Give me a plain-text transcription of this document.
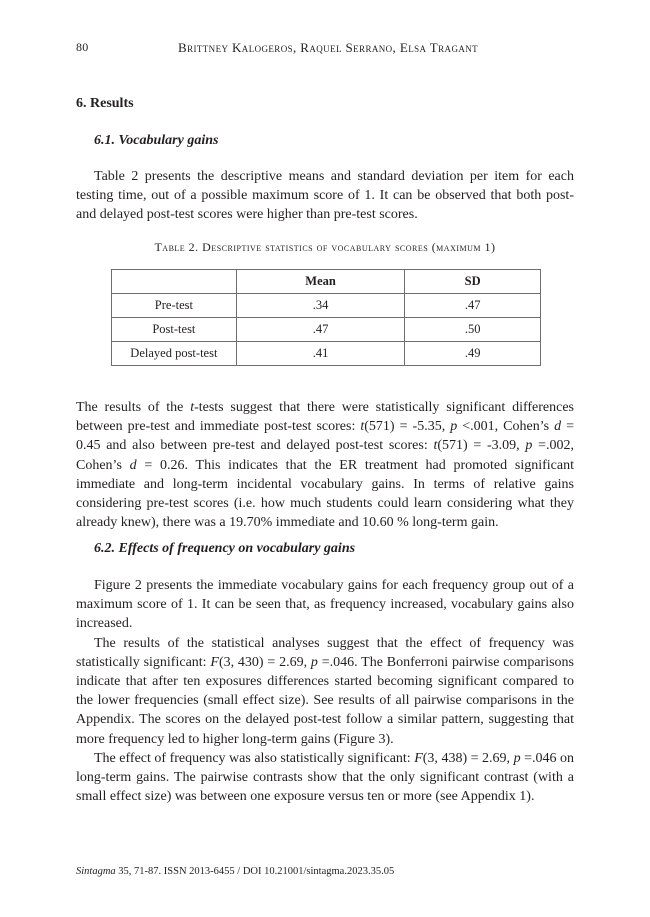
80	Brittney Kalogeros, Raquel Serrano, Elsa Tragant
6. Results
6.1. Vocabulary gains

Table 2 presents the descriptive means and standard deviation per item for each testing time, out of a possible maximum score of 1. It can be observed that both post- and delayed post-test scores were higher than pre-test scores.

Table 2. Descriptive statistics of vocabulary scores (maximum 1)
	Mean	SD
Pre-test	.34	.47
Post-test	.47	.50
Delayed post-test	.41	.49

The results of the t-tests suggest that there were statistically significant differences between pre-test and immediate post-test scores: t(571) = -5.35, p <.001, Cohen’s d = 0.45 and also between pre-test and delayed post-test scores: t(571) = -3.09, p =.002, Cohen’s d = 0.26. This indicates that the ER treatment had promoted significant immediate and long-term incidental vocabulary gains. In terms of relative gains considering pre-test scores (i.e. how much students could learn considering what they already knew), there was a 19.70% immediate and 10.60 % long-term gain.

6.2. Effects of frequency on vocabulary gains

Figure 2 presents the immediate vocabulary gains for each frequency group out of a maximum score of 1. It can be seen that, as frequency increased, vocabulary gains also increased.

The results of the statistical analyses suggest that the effect of frequency was statistically significant: F(3, 430) = 2.69, p =.046. The Bonferroni pairwise comparisons indicate that after ten exposures differences started becoming significant compared to the lower frequencies (small effect size). See results of all pairwise comparisons in the Appendix. The scores on the delayed post-test follow a similar pattern, suggesting that more frequency led to higher long-term gains (Figure 3).

The effect of frequency was also statistically significant: F(3, 438) = 2.69, p =.046 on long-term gains. The pairwise contrasts show that the only significant contrast (with a small effect size) was between one exposure versus ten or more (see Appendix 1).

Sintagma 35, 71-87. ISSN 2013-6455 / DOI 10.21001/sintagma.2023.35.05
